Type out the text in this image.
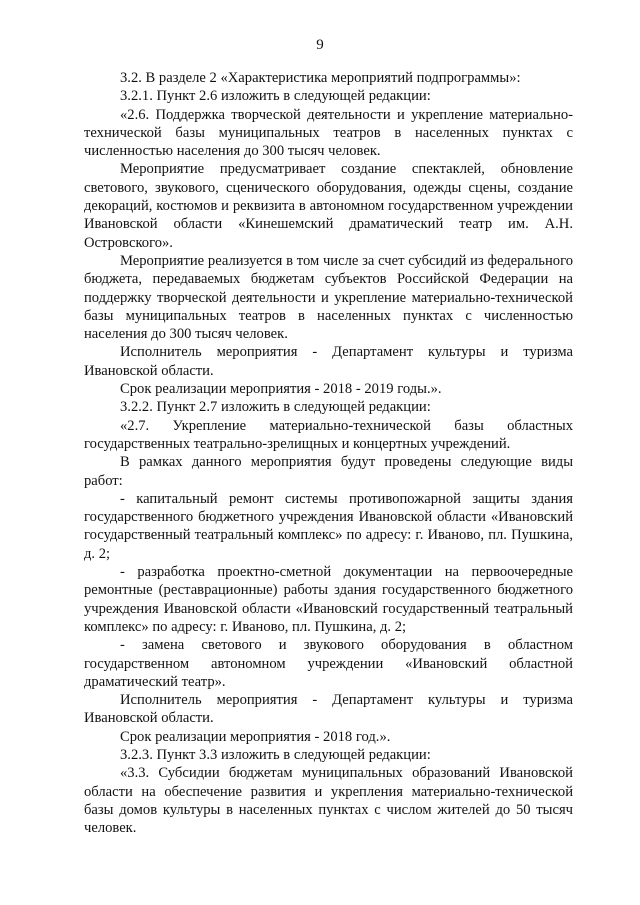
9

3.2. В разделе 2 «Характеристика мероприятий подпрограммы»:

3.2.1. Пункт 2.6 изложить в следующей редакции:

«2.6. Поддержка творческой деятельности и укрепление материально-технической базы муниципальных театров в населенных пунктах с численностью населения до 300 тысяч человек.

Мероприятие предусматривает создание спектаклей, обновление светового, звукового, сценического оборудования, одежды сцены, создание декораций, костюмов и реквизита в автономном государственном учреждении Ивановской области «Кинешемский драматический театр им. А.Н. Островского».

Мероприятие реализуется в том числе за счет субсидий из федерального бюджета, передаваемых бюджетам субъектов Российской Федерации на поддержку творческой деятельности и укрепление материально-технической базы муниципальных театров в населенных пунктах с численностью населения до 300 тысяч человек.

Исполнитель мероприятия - Департамент культуры и туризма Ивановской области.

Срок реализации мероприятия - 2018 - 2019 годы.».

3.2.2. Пункт 2.7 изложить в следующей редакции:

«2.7. Укрепление материально-технической базы областных государственных театрально-зрелищных и концертных учреждений.

В рамках данного мероприятия будут проведены следующие виды работ:

- капитальный ремонт системы противопожарной защиты здания государственного бюджетного учреждения Ивановской области «Ивановский государственный театральный комплекс» по адресу: г. Иваново, пл. Пушкина, д. 2;

- разработка проектно-сметной документации на первоочередные ремонтные (реставрационные) работы здания государственного бюджетного учреждения Ивановской области «Ивановский государственный театральный комплекс» по адресу: г. Иваново, пл. Пушкина, д. 2;

- замена светового и звукового оборудования в областном государственном автономном учреждении «Ивановский областной драматический театр».

Исполнитель мероприятия - Департамент культуры и туризма Ивановской области.

Срок реализации мероприятия - 2018 год.».

3.2.3. Пункт 3.3 изложить в следующей редакции:

«3.3. Субсидии бюджетам муниципальных образований Ивановской области на обеспечение развития и укрепления материально-технической базы домов культуры в населенных пунктах с числом жителей до 50 тысяч человек.
